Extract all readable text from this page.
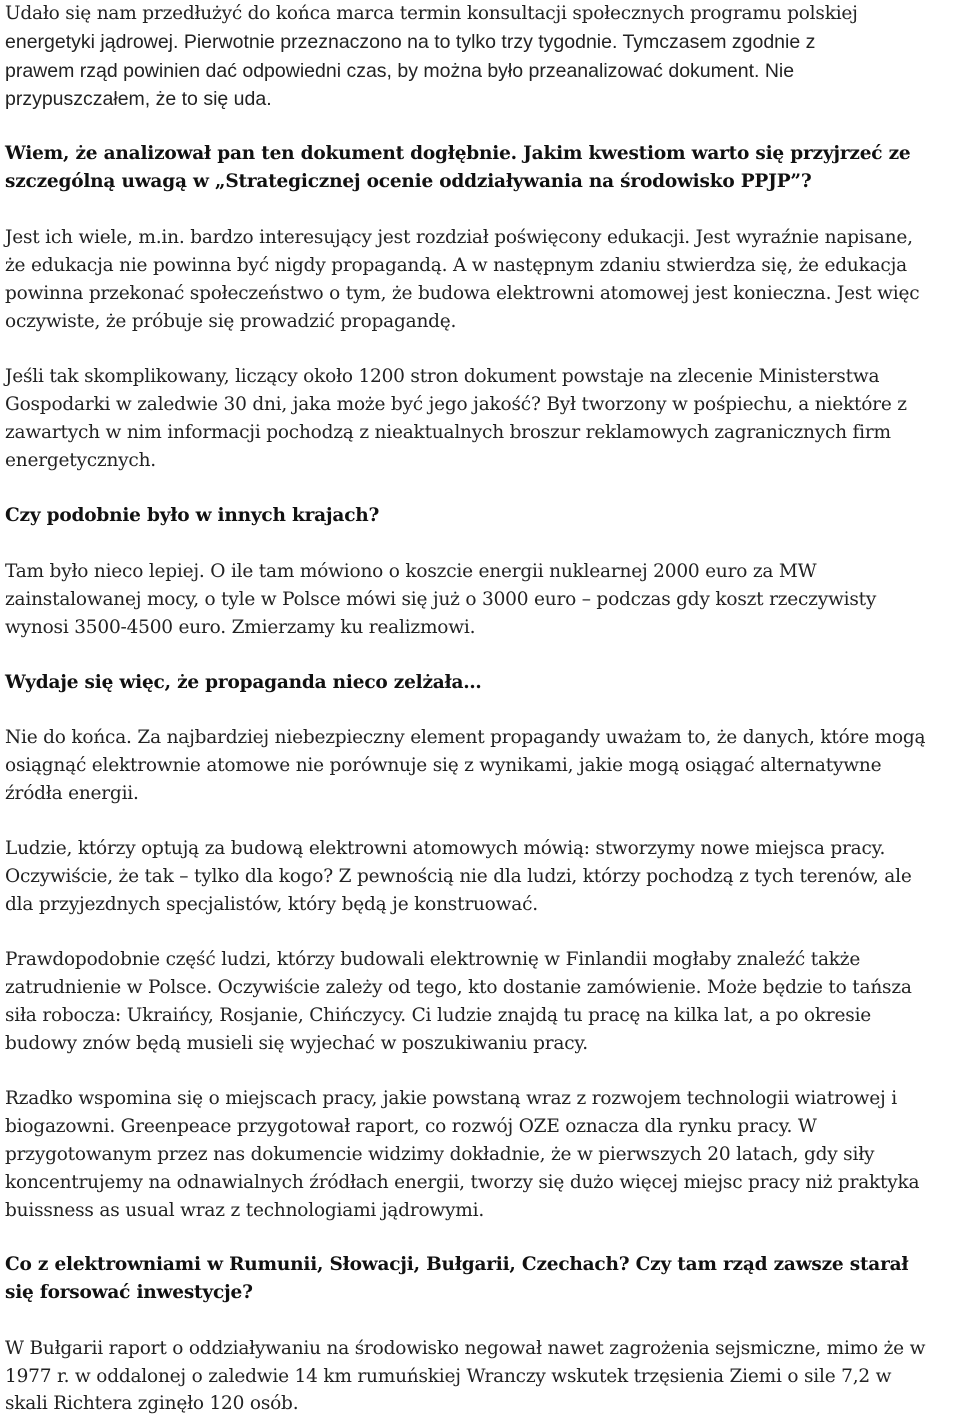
Udało się nam przedłużyć do końca marca termin konsultacji społecznych programu polskiej

energetyki jądrowej. Pierwotnie przeznaczono na to tylko trzy tygodnie. Tymczasem zgodnie z

prawem rząd powinien dać odpowiedni czas, by można było przeanalizować dokument. Nie

przypuszczałem, że to się uda.

Wiem, że analizował pan ten dokument dogłębnie. Jakim kwestiom warto się przyjrzeć ze

szczególną uwagą w „Strategicznej ocenie oddziaływania na środowisko PPJP”?

Jest ich wiele, m.in. bardzo interesujący jest rozdział poświęcony edukacji. Jest wyraźnie napisane,

że edukacja nie powinna być nigdy propagandą. A w następnym zdaniu stwierdza się, że edukacja

powinna przekonać społeczeństwo o tym, że budowa elektrowni atomowej jest konieczna. Jest więc

oczywiste, że próbuje się prowadzić propagandę.

Jeśli tak skomplikowany, liczący około 1200 stron dokument powstaje na zlecenie Ministerstwa

Gospodarki w zaledwie 30 dni, jaka może być jego jakość? Był tworzony w pośpiechu, a niektóre z

zawartych w nim informacji pochodzą z nieaktualnych broszur reklamowych zagranicznych firm

energetycznych.

Czy podobnie było w innych krajach?

Tam było nieco lepiej. O ile tam mówiono o koszcie energii nuklearnej 2000 euro za MW

zainstalowanej mocy, o tyle w Polsce mówi się już o 3000 euro – podczas gdy koszt rzeczywisty

wynosi 3500-4500 euro. Zmierzamy ku realizmowi.

Wydaje się więc, że propaganda nieco zelżała…

Nie do końca. Za najbardziej niebezpieczny element propagandy uważam to, że danych, które mogą

osiągnąć elektrownie atomowe nie porównuje się z wynikami, jakie mogą osiągać alternatywne

źródła energii.

Ludzie, którzy optują za budową elektrowni atomowych mówią: stworzymy nowe miejsca pracy.

Oczywiście, że tak – tylko dla kogo? Z pewnością nie dla ludzi, którzy pochodzą z tych terenów, ale

dla przyjezdnych specjalistów, który będą je konstruować.

Prawdopodobnie część ludzi, którzy budowali elektrownię w Finlandii mogłaby znaleźć także

zatrudnienie w Polsce. Oczywiście zależy od tego, kto dostanie zamówienie. Może będzie to tańsza

siła robocza: Ukraińcy, Rosjanie, Chińczycy. Ci ludzie znajdą tu pracę na kilka lat, a po okresie

budowy znów będą musieli się wyjechać w poszukiwaniu pracy.

Rzadko wspomina się o miejscach pracy, jakie powstaną wraz z rozwojem technologii wiatrowej i

biogazowni. Greenpeace przygotował raport, co rozwój OZE oznacza dla rynku pracy. W

przygotowanym przez nas dokumencie widzimy dokładnie, że w pierwszych 20 latach, gdy siły

koncentrujemy na odnawialnych źródłach energii, tworzy się dużo więcej miejsc pracy niż praktyka

buissness as usual wraz z technologiami jądrowymi.

Co z elektrowniami w Rumunii, Słowacji, Bułgarii, Czechach? Czy tam rząd zawsze starał

się forsować inwestycje?

W Bułgarii raport o oddziaływaniu na środowisko negował nawet zagrożenia sejsmiczne, mimo że w

1977 r. w oddalonej o zaledwie 14 km rumuńskiej Wranczy wskutek trzęsienia Ziemi o sile 7,2 w

skali Richtera zginęło 120 osób.
